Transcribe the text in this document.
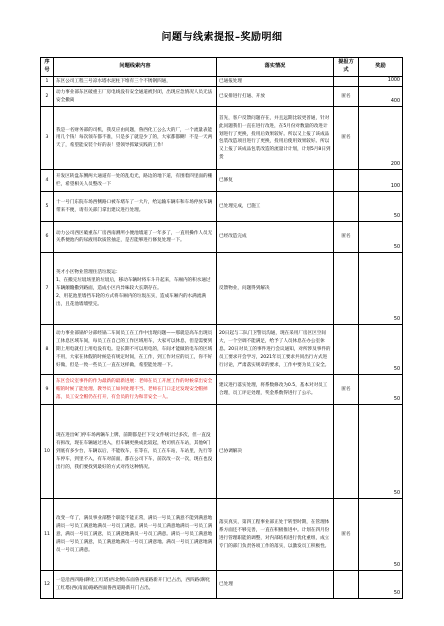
问题与线索提报–奖励明细
序号	问题线索内容	落实情况	提报方式	奖励
1	东区公司工程三号凉水塔水泥柱下堆有三个不锈钢四通，	已通报处理		1000

2	动力事业部东区破重王厂房电线没有安全通道被封闭，出现应急情况人员无法安全撤离	已安排进行打通、开放	匿名	400

3	我是一名财务部的司机，我反应由问题，鲁西化工公么大的厂，一个流量表能用几个钱！每次领车都不准，只是多了就是少了的，大家都都糊！不是一天两天了，希望能安装个好的表！望领导抓紧实践的工作！	首先，客户反馈问题存在，并且远期比较更普通，针对此问题我们一直在进行改进，在5月份对数量的改进计划进行了更换，投用后效果较好。所以又上报了该成品包装改造项目进行了更换，投用后使用效果较好。所以又上报了该成品包装改造的流量计计划，计划5月8日到货	匿名	200

4	开发区转盘东侧两大通道有一处的乱电光，路边的地下道，有围着四里面的栅栏，希望相关人员整改一下	已修复		100

5	十一号门东院车场西侧路口被车堵车了一大片，给运输车辆车和车场停放车辆带来不便，请有关部门拿出建议进行处理。	已处理完成，已施工		50

6	动力公司西区破重东厂房西南测所小便池墙道了一年多了，一直用操作人员无关系便池内的尿液用软质管抽走，是否能够进行修复处理一下。	已经改造完成	匿名	50

7	英才小区物业管理住活垃圾运：
1、在搬完垃圾场里的垃圾后，移动车辆时将车斗升起来，车厢内的积水通过车辆颠簸撒到路面，造成小区内异味较大长期存在。
2、用花池里墙挡车轮的方式将车厢内的垃圾压实，造成车厢内的水满流满出，且花池墙墙壁完。	反馈物业，问题得到解决		50

8	动力事业部锅炉分部经锅二车间员工在工作中出现问题——那就是高车出现员工休息区域车间，每员工在自己的工作区域用车，大家可以休息，但是需要到期上用电就打上用电没有电。是长期不可以用电的，车间才能做的电车的区域不用，大家在休假的时候是有规定时间，在工作，到工作对应的员工，你不好好做，但是一致一些员工一直在这样做，希望能处理一下。	20日起与二队门卫警员沟通，现在采用厂房区区空间大，一个空调不能满足，给予了人员休息在办公室休息。20日对员工的事件进行会议通知，对所涉及事件的员工要求开会学习，2021年员工要求共同出行方式进行讨论，严肃落实规章的要求，工作中要为员工安全。		50

9	东区会议室事件的作为最新的最新进展：老师在员工开展工作的时候拿出安全帽的时候了能处理、教导员工如何处理不当、老师在门口走过发现安全帽掉落，员工安全帽仍在打开，有会员的行为和非安全一人。	建议进行落实处理，将系数修改为0.5，基本对对员工合理，员工评定处理，奖金系数得进行了公示。	匿名	50

10	现在进出9门停车场两辆车上牌，前期都是拦下交文件统计过多次，但一直没有拆改，现在车辆通过进入，但车辆更换成比较起，给司机在车站，其他9门到底有多少台，车辆以后，不能收车，在等在，员工在车站，车站里，先行等车停车，到里不入，有车对前面，都在公司下车，前次改一次一次，现在也没出行的，我们要找到最好的方式对待这种情况。	已协调解决		50

11	改变一年了，满员事业部整个职能不能正常，满员一号员工满意不能到满意地满员一号员工满意地满员一号员工满意。满员一号员工满意地满员一号员工满意，满员一号员工满意，员工满意地满员一号员工满意。满员一号员工满意地满员一号员工满意，员工满意地满员一号员工满意地。满员一号员工满意地满员一号员工满意。	落实真实，第四工程事业部正处于转型时期，在管理体系方面还不够完善，一直在积极推进中。计划在四月份进行管理职能的调整，对内部结构进行优化重组，成立专门的部门负责各项工作的落实，以激发员工积极性。	匿名	50

12	一是沿西四路(聊化工红塔)西北侧)东面鲁西道路新开门已占出，西四路(聊化工红塔)西(南面)路路西面鲁西道路新开门占出。	已处理		50
